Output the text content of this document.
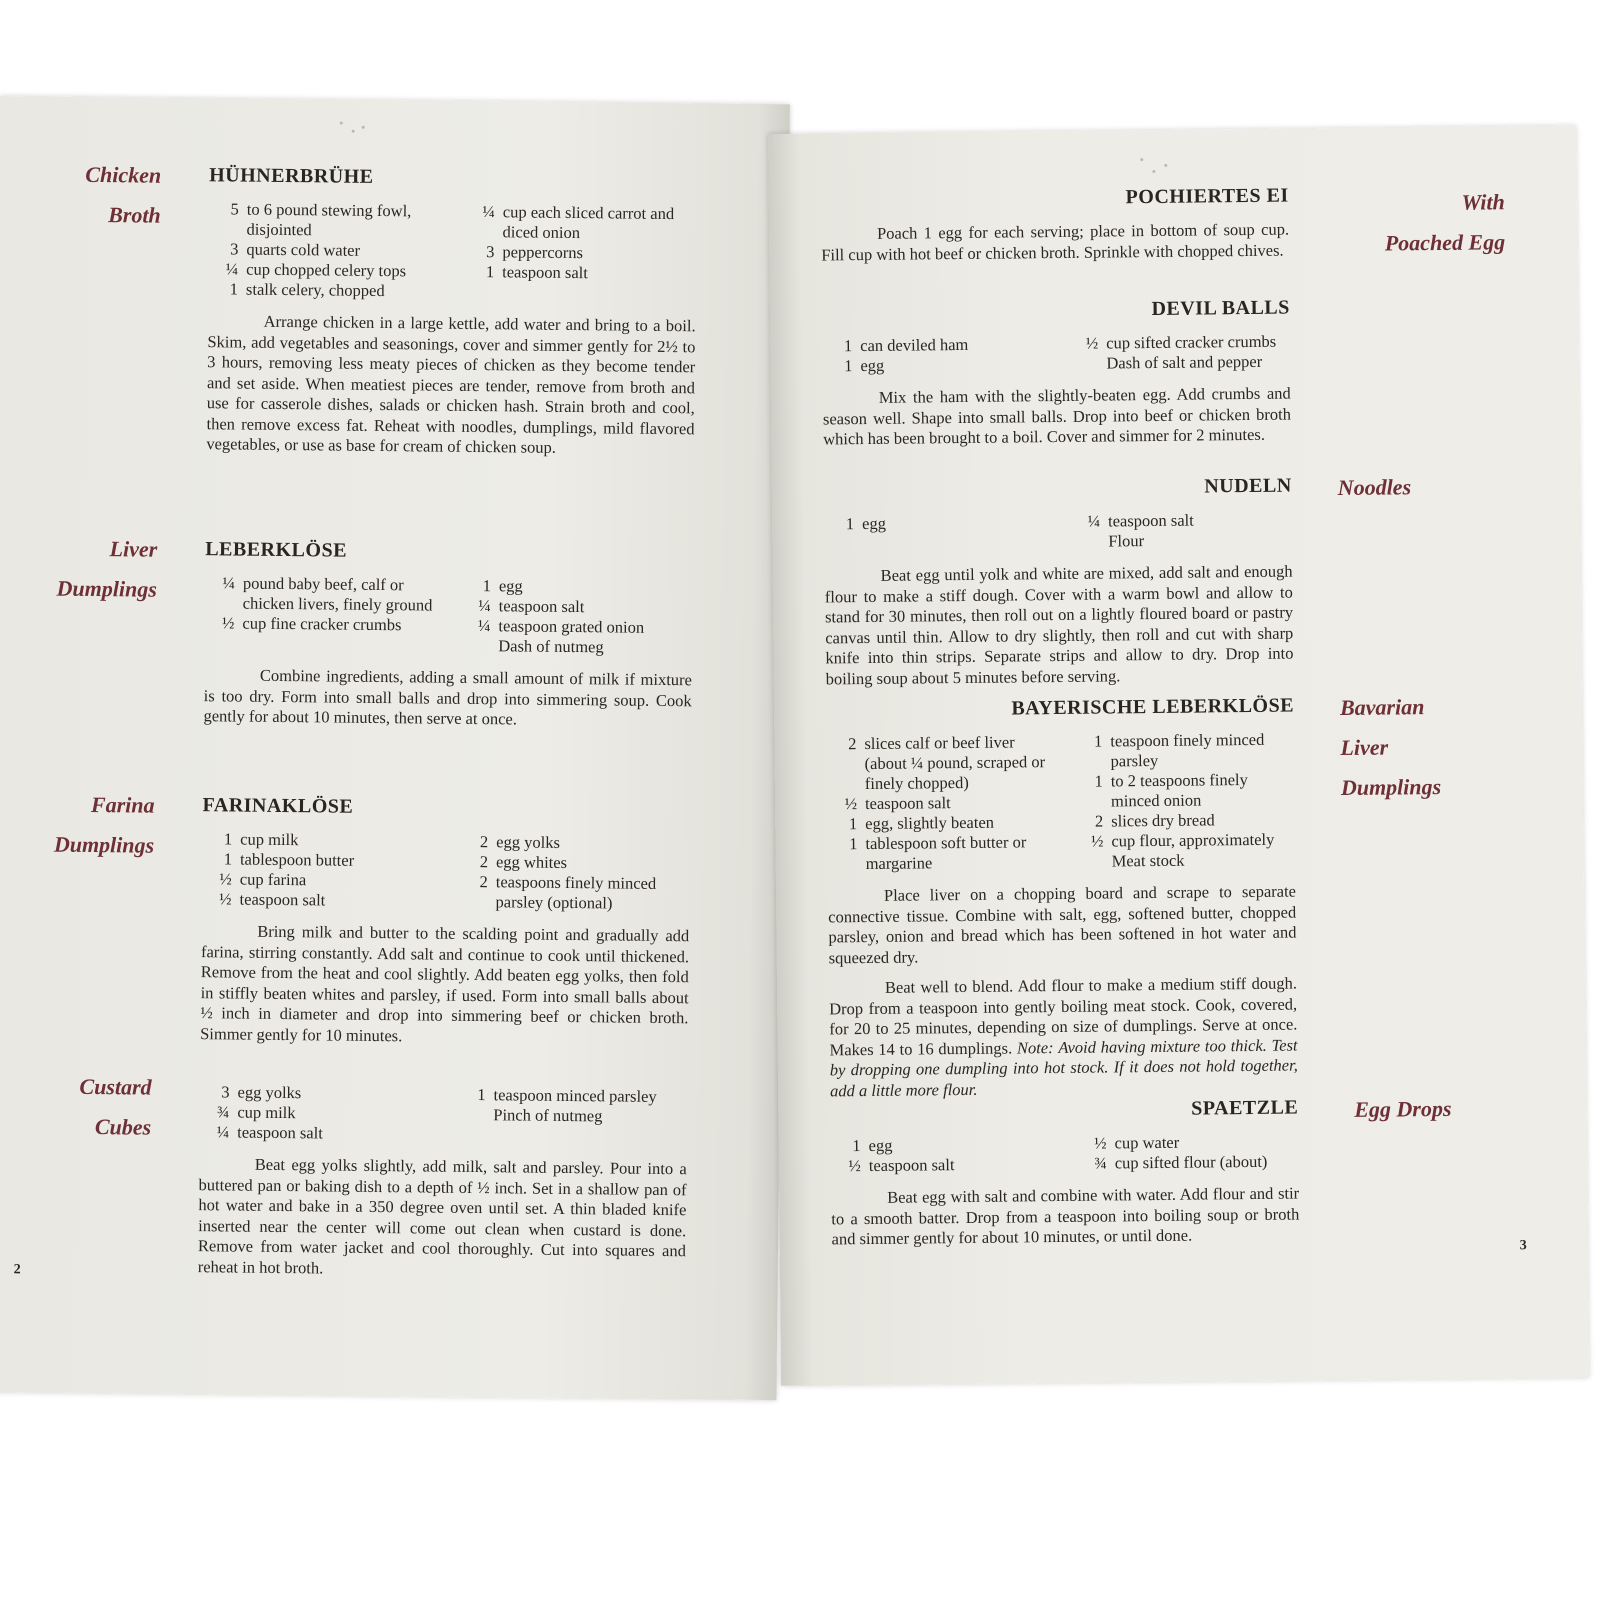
HÜHNERBRÜHE
5 to 6 pound stewing fowl, disjointed
3 quarts cold water
¼ cup chopped celery tops
1 stalk celery, chopped
¼ cup each sliced carrot and diced onion
3 peppercorns
1 teaspoon salt

Arrange chicken in a large kettle, add water and bring to a boil. Skim, add vegetables and seasonings, cover and simmer gently for 2½ to 3 hours, removing less meaty pieces of chicken as they become tender and set aside. When meatiest pieces are tender, remove from broth and use for casserole dishes, salads or chicken hash. Strain broth and cool, then remove excess fat. Reheat with noodles, dumplings, mild flavored vegetables, or use as base for cream of chicken soup.

Chicken
Broth
LEBERKLÖSE
¼ pound baby beef, calf or chicken livers, finely ground
½ cup fine cracker crumbs
1 egg
¼ teaspoon salt
¼ teaspoon grated onion
Dash of nutmeg

Combine ingredients, adding a small amount of milk if mixture is too dry. Form into small balls and drop into simmering soup. Cook gently for about 10 minutes, then serve at once.

Liver
Dumplings
FARINAKLÖSE
1 cup milk
1 tablespoon butter
½ cup farina
½ teaspoon salt
2 egg yolks
2 egg whites
2 teaspoons finely minced parsley (optional)

Bring milk and butter to the scalding point and gradually add farina, stirring constantly. Add salt and continue to cook until thickened. Remove from the heat and cool slightly. Add beaten egg yolks, then fold in stiffly beaten whites and parsley, if used. Form into small balls about ½ inch in diameter and drop into simmering beef or chicken broth. Simmer gently for 10 minutes.

Farina
Dumplings
3 egg yolks
¾ cup milk
¼ teaspoon salt
1 teaspoon minced parsley
Pinch of nutmeg

Beat egg yolks slightly, add milk, salt and parsley. Pour into a buttered pan or baking dish to a depth of ½ inch. Set in a shallow pan of hot water and bake in a 350 degree oven until set. A thin bladed knife inserted near the center will come out clean when custard is done. Remove from water jacket and cool thoroughly. Cut into squares and reheat in hot broth.

Custard
Cubes
2
POCHIERTES EI

Poach 1 egg for each serving; place in bottom of soup cup. Fill cup with hot beef or chicken broth. Sprinkle with chopped chives.

With
Poached Egg
DEVIL BALLS
1 can deviled ham
1 egg
½ cup sifted cracker crumbs
Dash of salt and pepper

Mix the ham with the slightly-beaten egg. Add crumbs and season well. Shape into small balls. Drop into beef or chicken broth which has been brought to a boil. Cover and simmer for 2 minutes.

NUDELN
1 egg	¼ teaspoon salt
Flour

Beat egg until yolk and white are mixed, add salt and enough flour to make a stiff dough. Cover with a warm bowl and allow to stand for 30 minutes, then roll out on a lightly floured board or pastry canvas until thin. Allow to dry slightly, then roll and cut with sharp knife into thin strips. Separate strips and allow to dry. Drop into boiling soup about 5 minutes before serving.

Noodles
BAYERISCHE LEBERKLÖSE
2 slices calf or beef liver (about ¼ pound, scraped or finely chopped)
½ teaspoon salt
1 egg, slightly beaten
1 tablespoon soft butter or margarine
1 teaspoon finely minced parsley
1 to 2 teaspoons finely minced onion
2 slices dry bread
½ cup flour, approximately
Meat stock

Place liver on a chopping board and scrape to separate connective tissue. Combine with salt, egg, softened butter, chopped parsley, onion and bread which has been softened in hot water and squeezed dry.

Beat well to blend. Add flour to make a medium stiff dough. Drop from a teaspoon into gently boiling meat stock. Cook, covered, for 20 to 25 minutes, depending on size of dumplings. Serve at once. Makes 14 to 16 dumplings. Note: Avoid having mixture too thick. Test by dropping one dumpling into hot stock. If it does not hold together, add a little more flour.

Bavarian
Liver
Dumplings
SPAETZLE
1 egg
½ teaspoon salt
½ cup water
¾ cup sifted flour (about)

Beat egg with salt and combine with water. Add flour and stir to a smooth batter. Drop from a teaspoon into boiling soup or broth and simmer gently for about 10 minutes, or until done.

Egg Drops
3
